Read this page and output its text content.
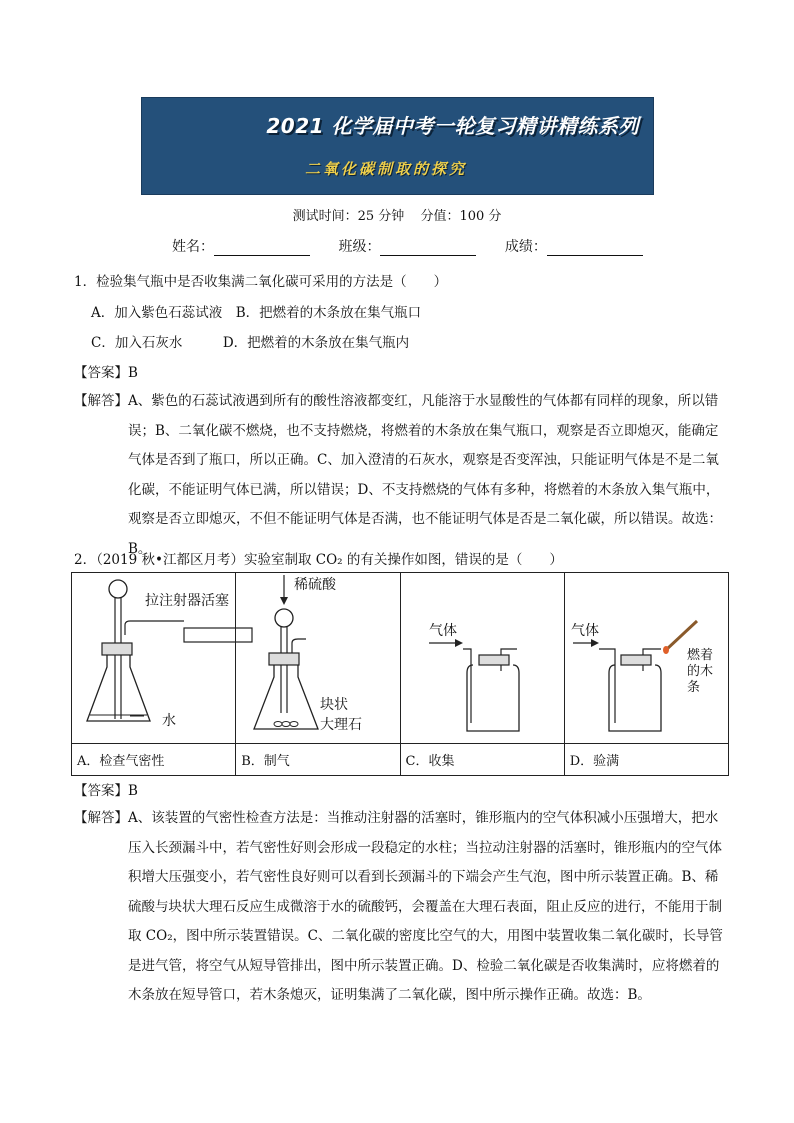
2021 化学届中考一轮复习精讲精练系列
二氧化碳制取的探究
测试时间：25 分钟 分值：100 分
姓名：	班级：	成绩：
1．检验集气瓶中是否收集满二氧化碳可采用的方法是（　　）
A．加入紫色石蕊试液　B．把燃着的木条放在集气瓶口
C．加入石灰水　　　D．把燃着的木条放在集气瓶内
【答案】B
【解答】 A、紫色的石蕊试液遇到所有的酸性溶液都变红，凡能溶于水显酸性的气体都有同样的现象，所以错误；B、二氧化碳不燃烧，也不支持燃烧，将燃着的木条放在集气瓶口，观察是否立即熄灭，能确定气体是否到了瓶口，所以正确。C、加入澄清的石灰水，观察是否变浑浊，只能证明气体是不是二氧化碳，不能证明气体已满，所以错误；D、不支持燃烧的气体有多种，将燃着的木条放入集气瓶中，观察是否立即熄灭，不但不能证明气体是否满，也不能证明气体是否是二氧化碳，所以错误。故选：B。
2．（2019 秋•江都区月考）实验室制取 CO₂ 的有关操作如图，错误的是（　　）
拉注射器活塞
水	稀硫酸
块状
大理石	气体	气体
燃着
的木
条

A．检查气密性	B．制气	C．收集	D．验满
【答案】B
【解答】 A、该装置的气密性检查方法是：当推动注射器的活塞时，锥形瓶内的空气体积减小压强增大，把水压入长颈漏斗中，若气密性好则会形成一段稳定的水柱；当拉动注射器的活塞时，锥形瓶内的空气体积增大压强变小，若气密性良好则可以看到长颈漏斗的下端会产生气泡，图中所示装置正确。B、稀硫酸与块状大理石反应生成微溶于水的硫酸钙，会覆盖在大理石表面，阻止反应的进行，不能用于制取 CO₂，图中所示装置错误。C、二氧化碳的密度比空气的大，用图中装置收集二氧化碳时，长导管是进气管，将空气从短导管排出，图中所示装置正确。D、检验二氧化碳是否收集满时，应将燃着的木条放在短导管口，若木条熄灭，证明集满了二氧化碳，图中所示操作正确。故选：B。
